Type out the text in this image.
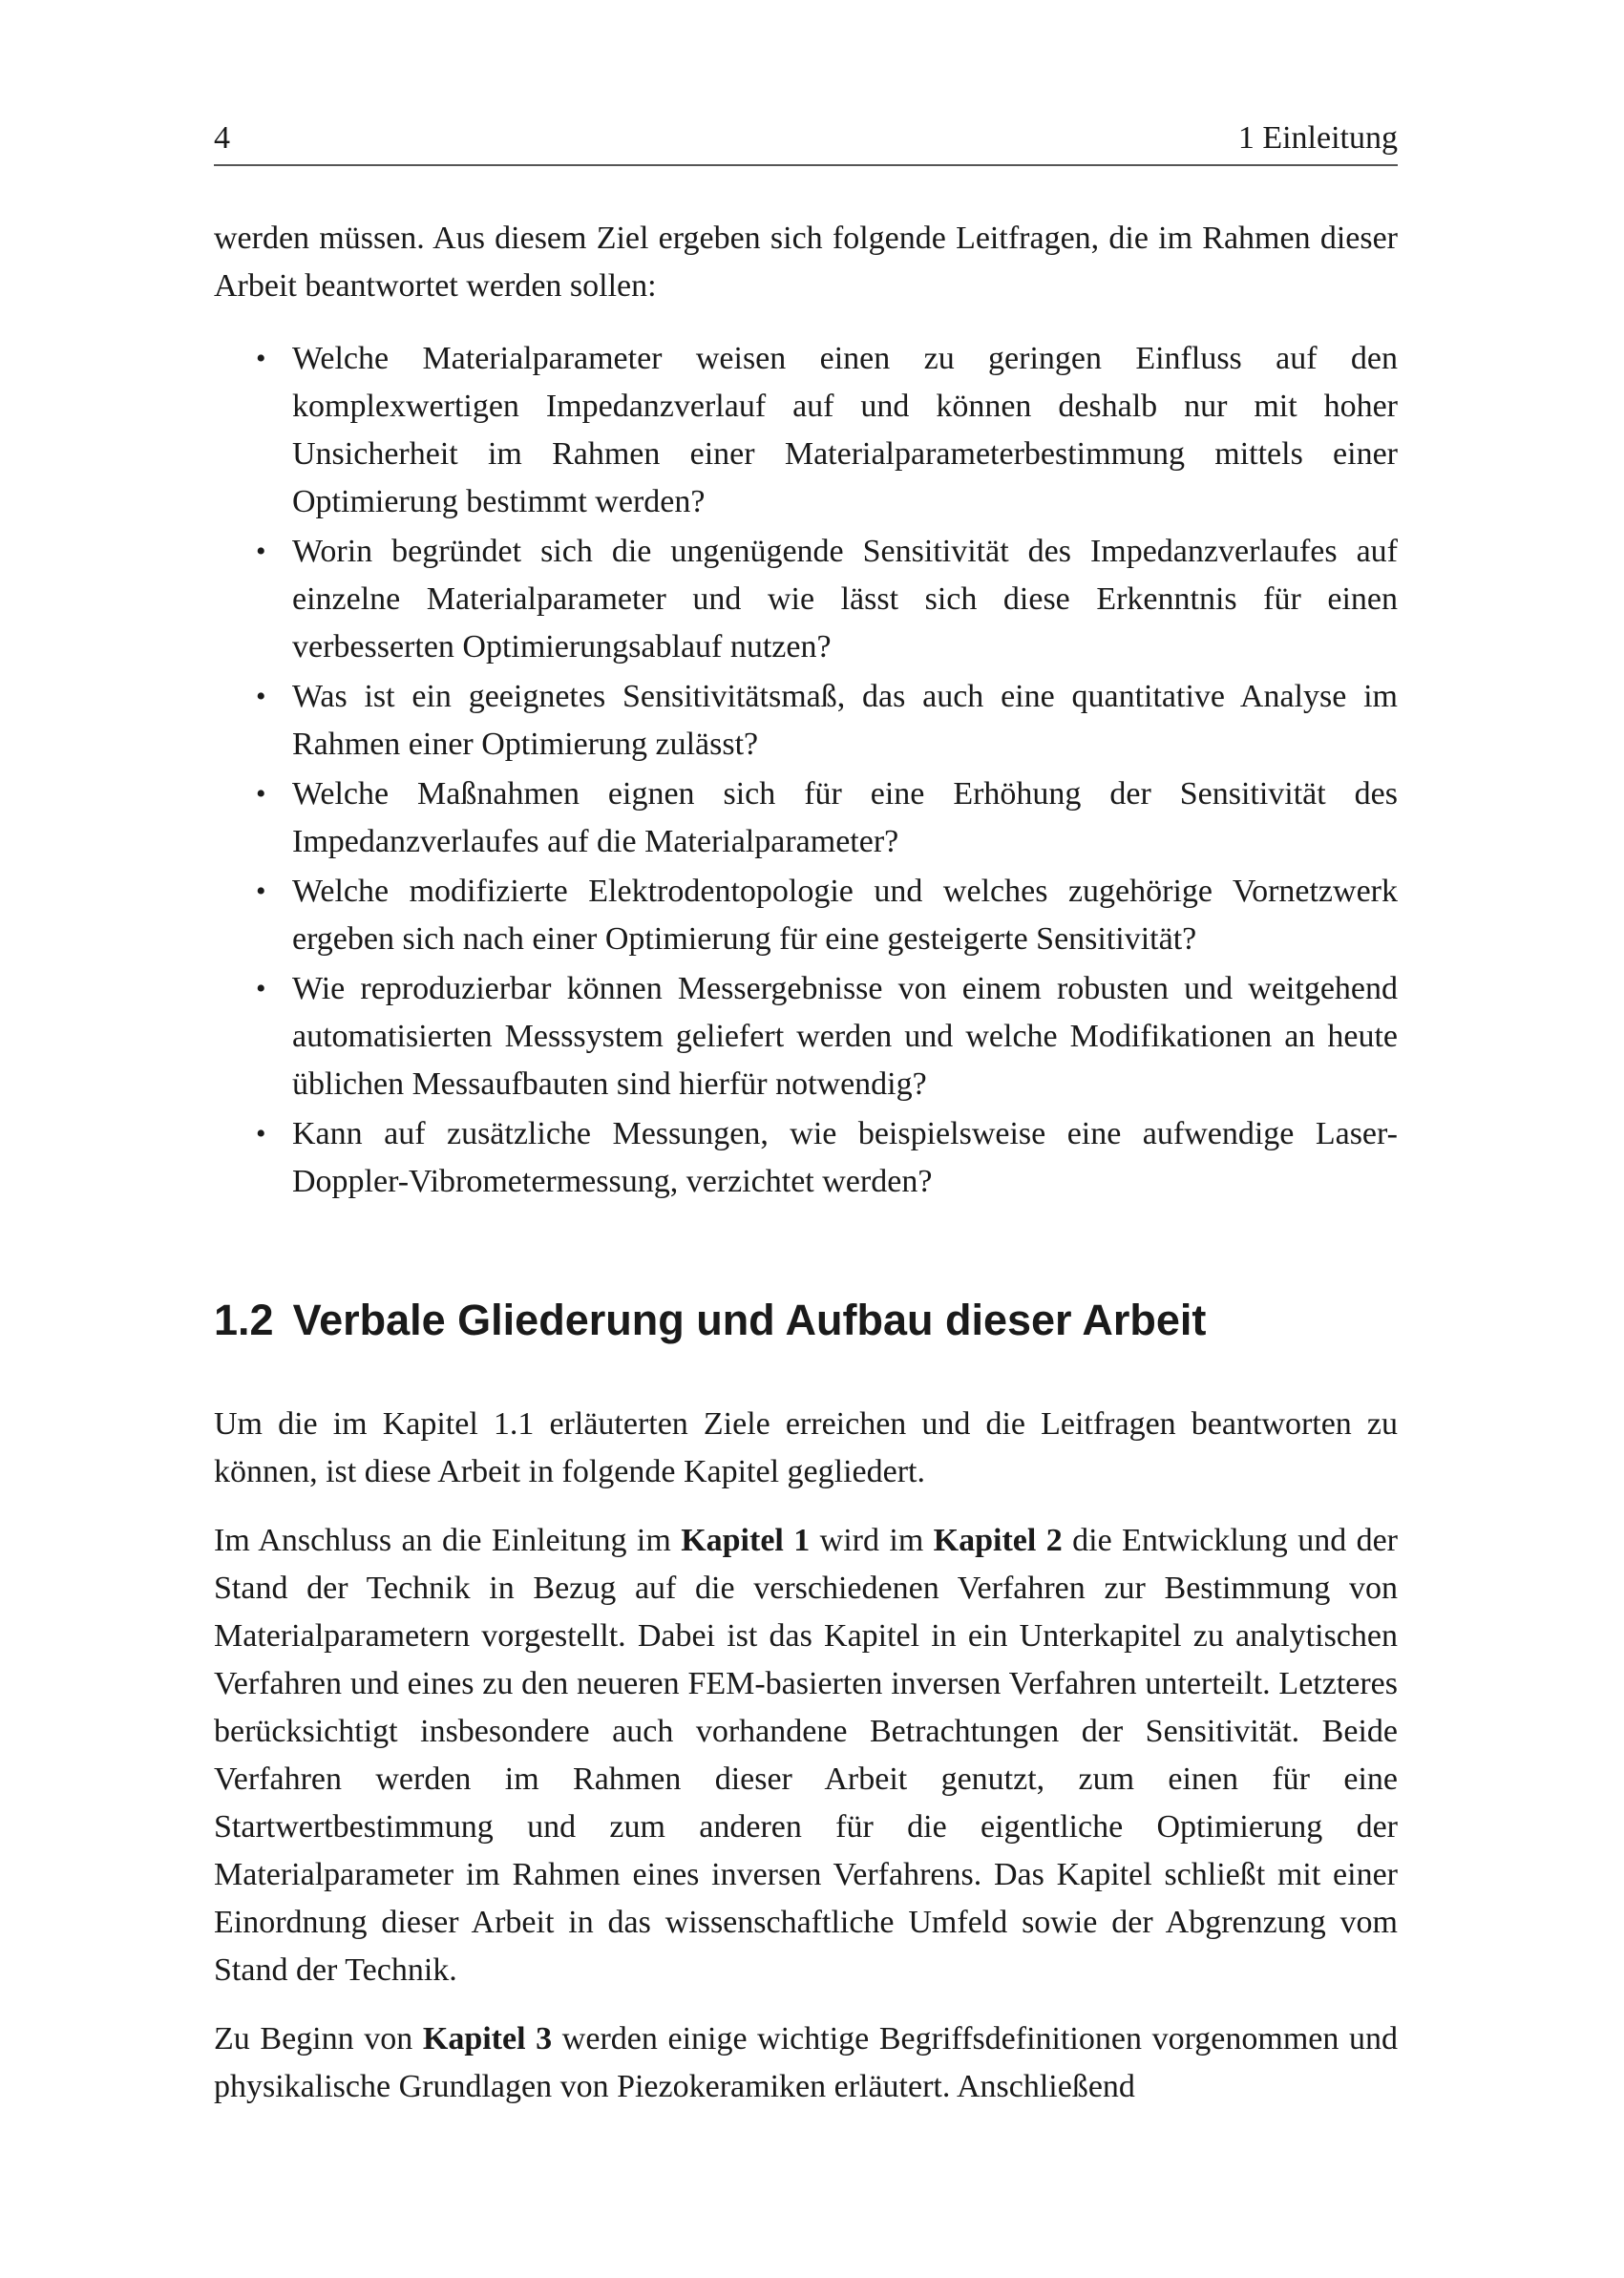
4	1 Einleitung

werden müssen. Aus diesem Ziel ergeben sich folgende Leitfragen, die im Rahmen dieser Arbeit beantwortet werden sollen:

• Welche Materialparameter weisen einen zu geringen Einfluss auf den komplexwertigen Impedanzverlauf auf und können deshalb nur mit hoher Unsicherheit im Rahmen einer Materialparameterbestimmung mittels einer Optimierung bestimmt werden?
• Worin begründet sich die ungenügende Sensitivität des Impedanzverlaufes auf einzelne Materialparameter und wie lässt sich diese Erkenntnis für einen verbesserten Optimierungsablauf nutzen?
• Was ist ein geeignetes Sensitivitätsmaß, das auch eine quantitative Analyse im Rahmen einer Optimierung zulässt?
• Welche Maßnahmen eignen sich für eine Erhöhung der Sensitivität des Impedanzverlaufes auf die Materialparameter?
• Welche modifizierte Elektrodentopologie und welches zugehörige Vornetzwerk ergeben sich nach einer Optimierung für eine gesteigerte Sensitivität?
• Wie reproduzierbar können Messergebnisse von einem robusten und weitgehend automatisierten Messsystem geliefert werden und welche Modifikationen an heute üblichen Messaufbauten sind hierfür notwendig?
• Kann auf zusätzliche Messungen, wie beispielsweise eine aufwendige Laser-Doppler-Vibrometermessung, verzichtet werden?
1.2 Verbale Gliederung und Aufbau dieser Arbeit

Um die im Kapitel 1.1 erläuterten Ziele erreichen und die Leitfragen beantworten zu können, ist diese Arbeit in folgende Kapitel gegliedert.

Im Anschluss an die Einleitung im Kapitel 1 wird im Kapitel 2 die Entwicklung und der Stand der Technik in Bezug auf die verschiedenen Verfahren zur Bestimmung von Materialparametern vorgestellt. Dabei ist das Kapitel in ein Unterkapitel zu analytischen Verfahren und eines zu den neueren FEM-basierten inversen Verfahren unterteilt. Letzteres berücksichtigt insbesondere auch vorhandene Betrachtungen der Sensitivität. Beide Verfahren werden im Rahmen dieser Arbeit genutzt, zum einen für eine Startwertbestimmung und zum anderen für die eigentliche Optimierung der Materialparameter im Rahmen eines inversen Verfahrens. Das Kapitel schließt mit einer Einordnung dieser Arbeit in das wissenschaftliche Umfeld sowie der Abgrenzung vom Stand der Technik.

Zu Beginn von Kapitel 3 werden einige wichtige Begriffsdefinitionen vorgenommen und physikalische Grundlagen von Piezokeramiken erläutert. Anschließend
